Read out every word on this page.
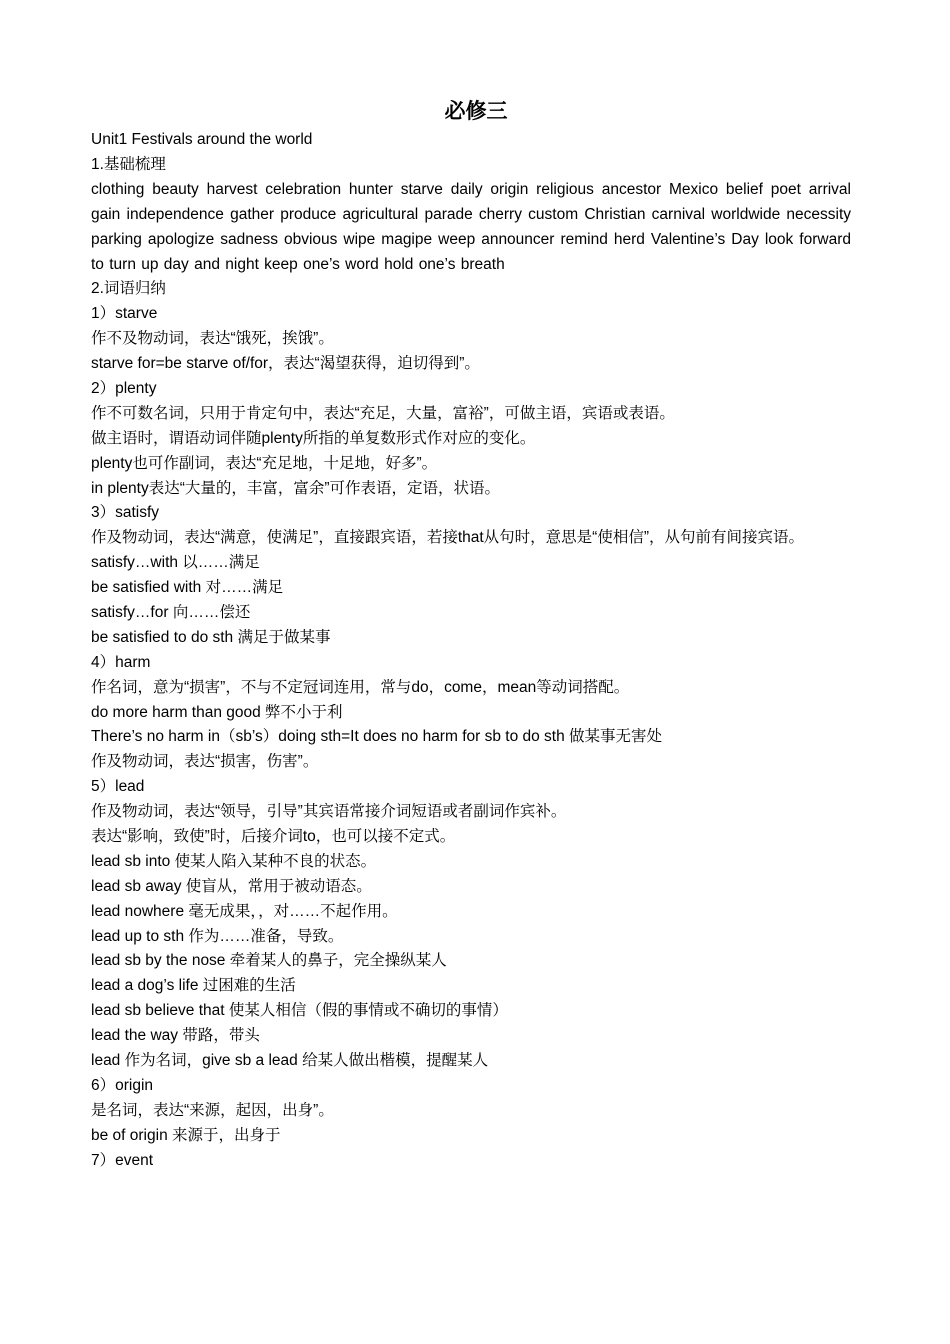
必修三
Unit1 Festivals around the world
1.基础梳理
clothing beauty harvest celebration hunter starve daily origin religious ancestor Mexico belief poet arrival gain independence gather produce agricultural parade cherry custom Christian carnival worldwide necessity parking apologize sadness obvious wipe magipe weep announcer remind herd Valentine’s Day look forward to turn up day and night keep one’s word hold one’s breath
2.词语归纳
1）starve
作不及物动词，表达“饿死，挨饿”。
starve for=be starve of/for，表达“渴望获得，迫切得到”。
2）plenty
作不可数名词，只用于肯定句中，表达“充足，大量，富裕”，可做主语，宾语或表语。
做主语时，谓语动词伴随plenty所指的单复数形式作对应的变化。
plenty也可作副词，表达“充足地，十足地，好多”。
in plenty表达“大量的，丰富，富余”可作表语，定语，状语。
3）satisfy
作及物动词，表达“满意，使满足”，直接跟宾语，若接that从句时，意思是“使相信”，从句前有间接宾语。
satisfy…with 以……满足
be satisfied with 对……满足
satisfy…for 向……偿还
be satisfied to do sth 满足于做某事
4）harm
作名词，意为“损害”，不与不定冠词连用，常与do，come，mean等动词搭配。
do more harm than good 弊不小于利
There’s no harm in（sb’s）doing sth=It does no harm for sb to do sth 做某事无害处
作及物动词，表达“损害，伤害”。
5）lead
作及物动词，表达“领导，引导”其宾语常接介词短语或者副词作宾补。
表达“影响，致使”时，后接介词to，也可以接不定式。
lead sb into 使某人陷入某种不良的状态。
lead sb away 使盲从，常用于被动语态。
lead nowhere 毫无成果，，对……不起作用。
lead up to sth 作为……准备，导致。
lead sb by the nose 牵着某人的鼻子，完全操纵某人
lead a dog’s life 过困难的生活
lead sb believe that 使某人相信（假的事情或不确切的事情）
lead the way 带路，带头
lead 作为名词，give sb a lead 给某人做出楷模，提醒某人
6）origin
是名词，表达“来源，起因，出身”。
be of origin 来源于，出身于
7）event
